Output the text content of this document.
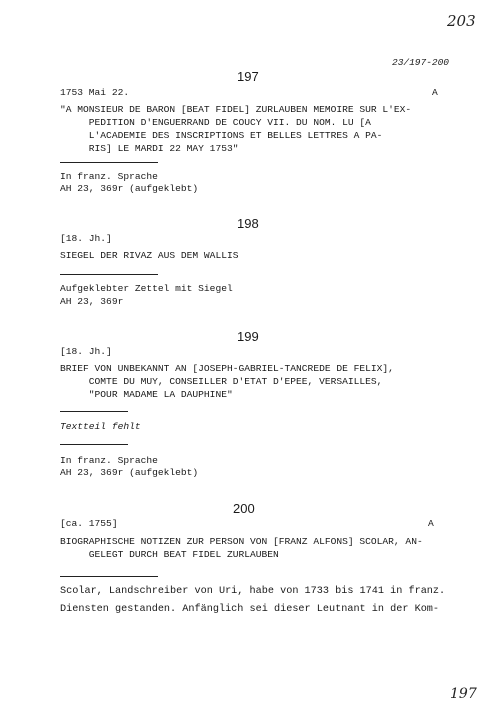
203
23/197-200
197
1753 Mai 22.	A
"A MONSIEUR DE BARON [BEAT FIDEL] ZURLAUBEN MEMOIRE SUR L'EX-
PEDITION D'ENGUERRAND DE COUCY VII. DU NOM. LU [A
L'ACADEMIE DES INSCRIPTIONS ET BELLES LETTRES A PA-
RIS] LE MARDI 22 MAY 1753"
In franz. Sprache
AH 23, 369r (aufgeklebt)
198
[18. Jh.]
SIEGEL DER RIVAZ AUS DEM WALLIS
Aufgeklebter Zettel mit Siegel
AH 23, 369r
199
[18. Jh.]
BRIEF VON UNBEKANNT AN [JOSEPH-GABRIEL-TANCREDE DE FELIX],
COMTE DU MUY, CONSEILLER D'ETAT D'EPEE, VERSAILLES,
"POUR MADAME LA DAUPHINE"
Textteil fehlt
In franz. Sprache
AH 23, 369r (aufgeklebt)
200
[ca. 1755]	A
BIOGRAPHISCHE NOTIZEN ZUR PERSON VON [FRANZ ALFONS] SCOLAR, AN-
GELEGT DURCH BEAT FIDEL ZURLAUBEN
Scolar, Landschreiber von Uri, habe von 1733 bis 1741 in franz.
Diensten gestanden. Anfänglich sei dieser Leutnant in der Kom-
197
